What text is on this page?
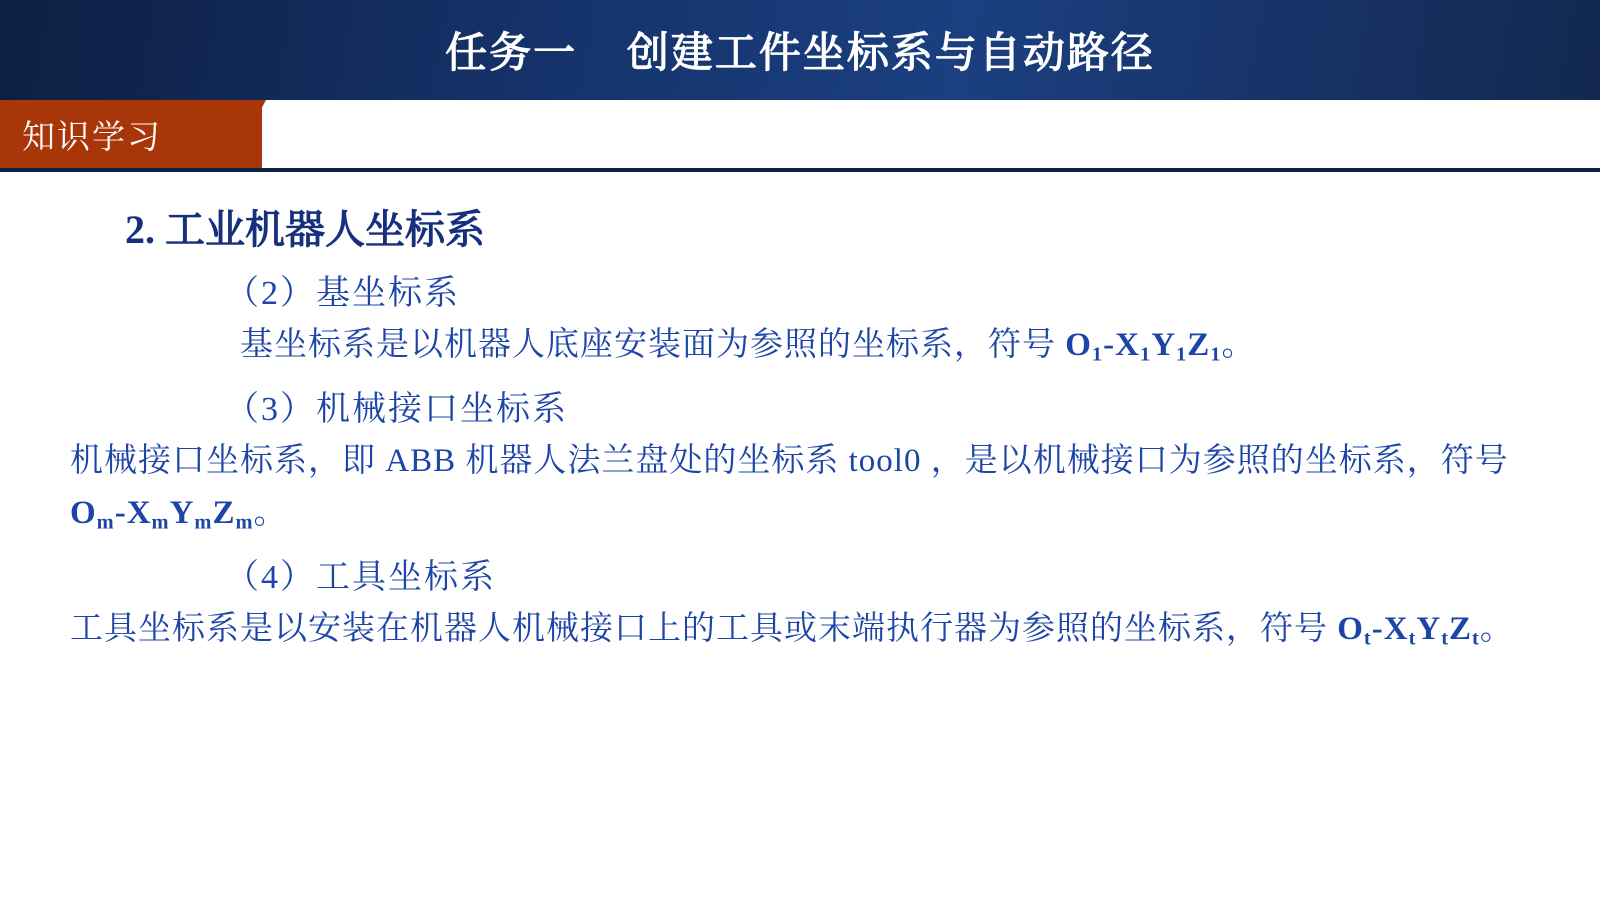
任务一   创建工件坐标系与自动路径
知识学习
2. 工业机器人坐标系
（2）基坐标系
基坐标系是以机器人底座安装面为参照的坐标系，符号 $O_1-X_1Y_1Z_1$。
（3）机械接口坐标系
机械接口坐标系，即 ABB 机器人法兰盘处的坐标系 tool0 ，是以机械接口为参照的坐标系，符号 $O_m-X_mY_mZ_m$。
（4）工具坐标系
工具坐标系是以安装在机器人机械接口上的工具或末端执行器为参照的坐标系，符号 $O_t-X_tY_tZ_t$。
